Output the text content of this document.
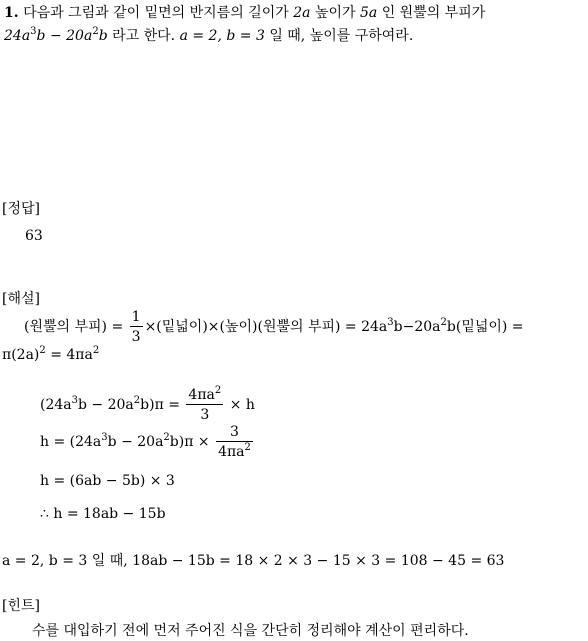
1. 다음과 그림과 같이 밑면의 반지름의 길이가 2a 높이가 5a 인 원뿔의 부피가
$24a^3b - 20a^2b$ 라고 한다. a = 2, b = 3 일 때, 높이를 구하여라.
[정답]
63
[해설]
(원뿔의 부피) = $\frac{1}{3}$ ×(밑넓이)×(높이)(원뿔의 부피) = $24a^3b-20a^2b$(밑넓이) =
$\pi(2a)^2 = 4\pi a^2$
$(24a^3b - 20a^2b)\pi = \frac{4\pi a^2}{3} \times h$
$h = (24a^3b - 20a^2b)\pi \times \frac{3}{4\pi a^2}$
h = (6ab − 5b) × 3
∴ h = 18ab − 15b
a = 2, b = 3 일 때, 18ab − 15b = 18 × 2 × 3 − 15 × 3 = 108 − 45 = 63
[힌트]
수를 대입하기 전에 먼저 주어진 식을 간단히 정리해야 계산이 편리하다.
